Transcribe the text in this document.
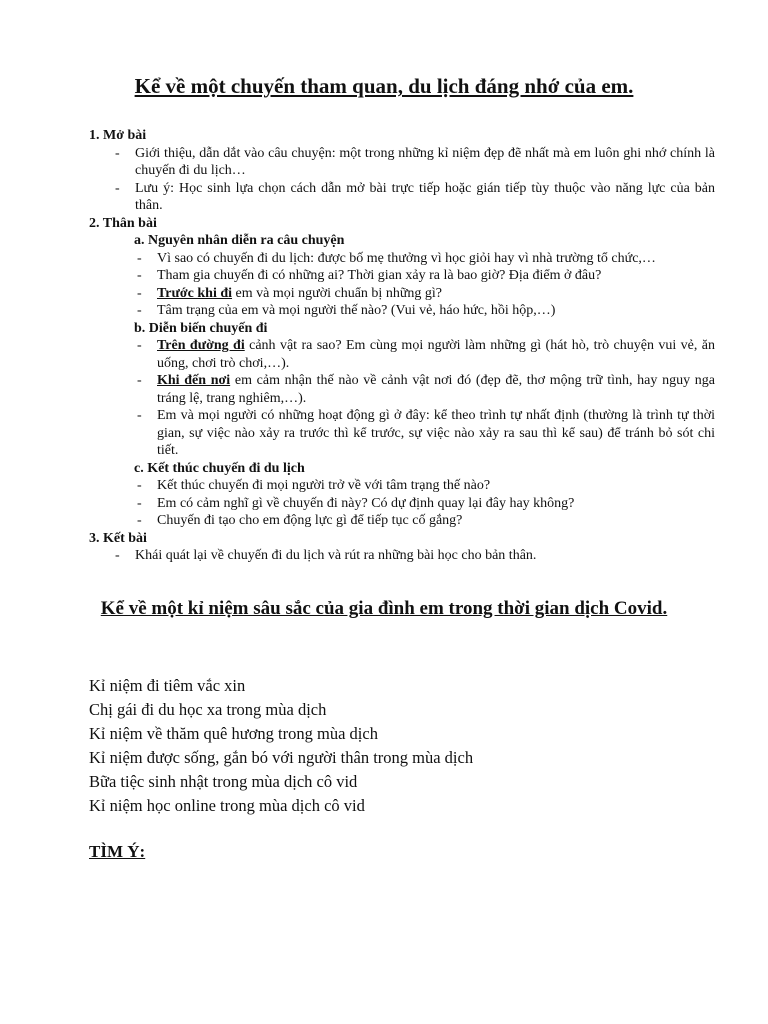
Kể về một chuyến tham quan, du lịch đáng nhớ của em.

1. Mở bài

- Giới thiệu, dẫn dắt vào câu chuyện: một trong những kỉ niệm đẹp đẽ nhất mà em luôn ghi nhớ chính là chuyến đi du lịch…
- Lưu ý: Học sinh lựa chọn cách dẫn mở bài trực tiếp hoặc gián tiếp tùy thuộc vào năng lực của bản thân.

2. Thân bài

a. Nguyên nhân diễn ra câu chuyện

- Vì sao có chuyến đi du lịch: được bố mẹ thưởng vì học giỏi hay vì nhà trường tổ chức,…
- Tham gia chuyến đi có những ai? Thời gian xảy ra là bao giờ? Địa điểm ở đâu?
- Trước khi đi em và mọi người chuẩn bị những gì?
- Tâm trạng của em và mọi người thế nào? (Vui vẻ, háo hức, hồi hộp,…)

b. Diễn biến chuyến đi

- Trên đường đi cảnh vật ra sao? Em cùng mọi người làm những gì (hát hò, trò chuyện vui vẻ, ăn uống, chơi trò chơi,…).
- Khi đến nơi em cảm nhận thế nào về cảnh vật nơi đó (đẹp đẽ, thơ mộng trữ tình, hay nguy nga tráng lệ, trang nghiêm,…).
- Em và mọi người có những hoạt động gì ở đây: kể theo trình tự nhất định (thường là trình tự thời gian, sự việc nào xảy ra trước thì kể trước, sự việc nào xảy ra sau thì kể sau) để tránh bỏ sót chi tiết.

c. Kết thúc chuyến đi du lịch

- Kết thúc chuyến đi mọi người trở về với tâm trạng thế nào?
- Em có cảm nghĩ gì về chuyến đi này? Có dự định quay lại đây hay không?
- Chuyến đi tạo cho em động lực gì để tiếp tục cố gắng?

3. Kết bài

- Khái quát lại về chuyến đi du lịch và rút ra những bài học cho bản thân.
Kể về một kỉ niệm sâu sắc của gia đình em trong thời gian dịch Covid.
Kỉ niệm đi tiêm vắc xin
Chị gái đi du học xa trong mùa dịch
Kỉ niệm về thăm quê hương trong mùa dịch
Kỉ niệm được sống, gắn bó với người thân trong mùa dịch
Bữa tiệc sinh nhật trong mùa dịch cô vid
Kỉ niệm học online trong mùa dịch cô vid

TÌM Ý:
